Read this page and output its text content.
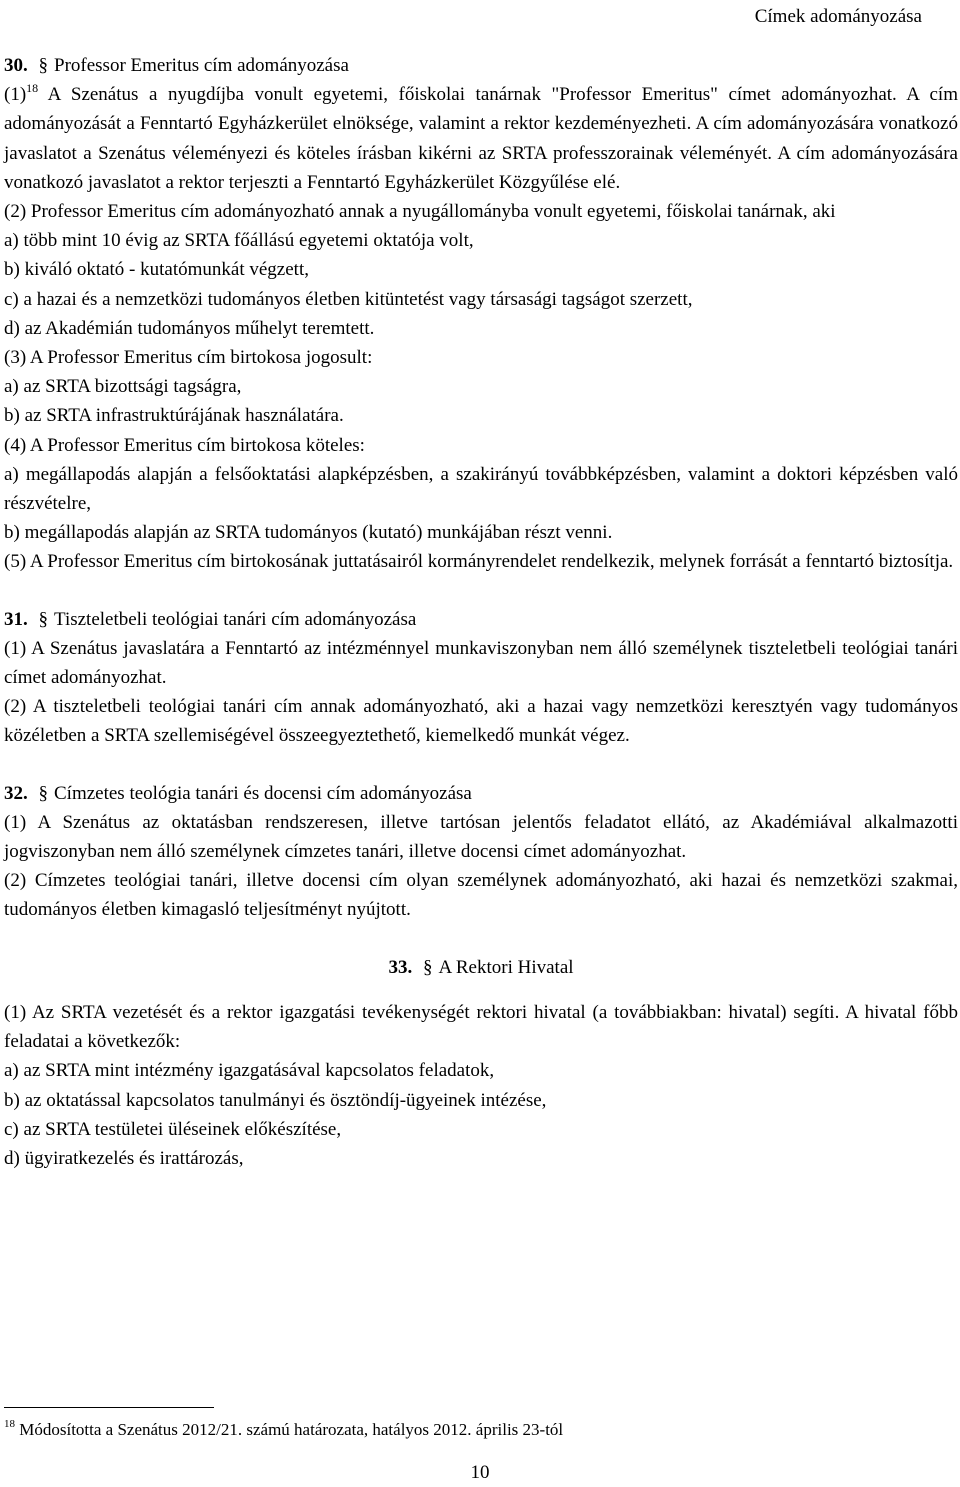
Címek adományozása
30. § Professor Emeritus cím adományozása

$(1)^{18}$ A Szenátus a nyugdíjba vonult egyetemi, főiskolai tanárnak "Professor Emeritus" címet adományozhat. A cím adományozását a Fenntartó Egyházkerület elnöksége, valamint a rektor kezdeményezheti. A cím adományozására vonatkozó javaslatot a Szenátus véleményezi és köteles írásban kikérni az SRTA professzorainak véleményét. A cím adományozására vonatkozó javaslatot a rektor terjeszti a Fenntartó Egyházkerület Közgyűlése elé.

(2) Professor Emeritus cím adományozható annak a nyugállományba vonult egyetemi, főiskolai tanárnak, aki

a) több mint 10 évig az SRTA főállású egyetemi oktatója volt,

b) kiváló oktató - kutatómunkát végzett,

c) a hazai és a nemzetközi tudományos életben kitüntetést vagy társasági tagságot szerzett,

d) az Akadémián tudományos műhelyt teremtett.

(3) A Professor Emeritus cím birtokosa jogosult:

a) az SRTA bizottsági tagságra,

b) az SRTA infrastruktúrájának használatára.

(4) A Professor Emeritus cím birtokosa köteles:

a) megállapodás alapján a felsőoktatási alapképzésben, a szakirányú továbbképzésben, valamint a doktori képzésben való részvételre,

b) megállapodás alapján az SRTA tudományos (kutató) munkájában részt venni.

(5) A Professor Emeritus cím birtokosának juttatásairól kormányrendelet rendelkezik, melynek forrását a fenntartó biztosítja.

31. § Tiszteletbeli teológiai tanári cím adományozása

(1) A Szenátus javaslatára a Fenntartó az intézménnyel munkaviszonyban nem álló személynek tiszteletbeli teológiai tanári címet adományozhat.

(2) A tiszteletbeli teológiai tanári cím annak adományozható, aki a hazai vagy nemzetközi keresztyén vagy tudományos közéletben a SRTA szellemiségével összeegyeztethető, kiemelkedő munkát végez.

32. § Címzetes teológia tanári és docensi cím adományozása

(1) A Szenátus az oktatásban rendszeresen, illetve tartósan jelentős feladatot ellátó, az Akadémiával alkalmazotti jogviszonyban nem álló személynek címzetes tanári, illetve docensi címet adományozhat.

(2) Címzetes teológiai tanári, illetve docensi cím olyan személynek adományozható, aki hazai és nemzetközi szakmai, tudományos életben kimagasló teljesítményt nyújtott.

33. § A Rektori Hivatal

(1) Az SRTA vezetését és a rektor igazgatási tevékenységét rektori hivatal (a továbbiakban: hivatal) segíti. A hivatal főbb feladatai a következők:

a) az SRTA mint intézmény igazgatásával kapcsolatos feladatok,

b) az oktatással kapcsolatos tanulmányi és ösztöndíj-ügyeinek intézése,

c) az SRTA testületei üléseinek előkészítése,

d) ügyiratkezelés és irattározás,

$^{18}$ Módosította a Szenátus 2012/21. számú határozata, hatályos 2012. április 23-tól
10
